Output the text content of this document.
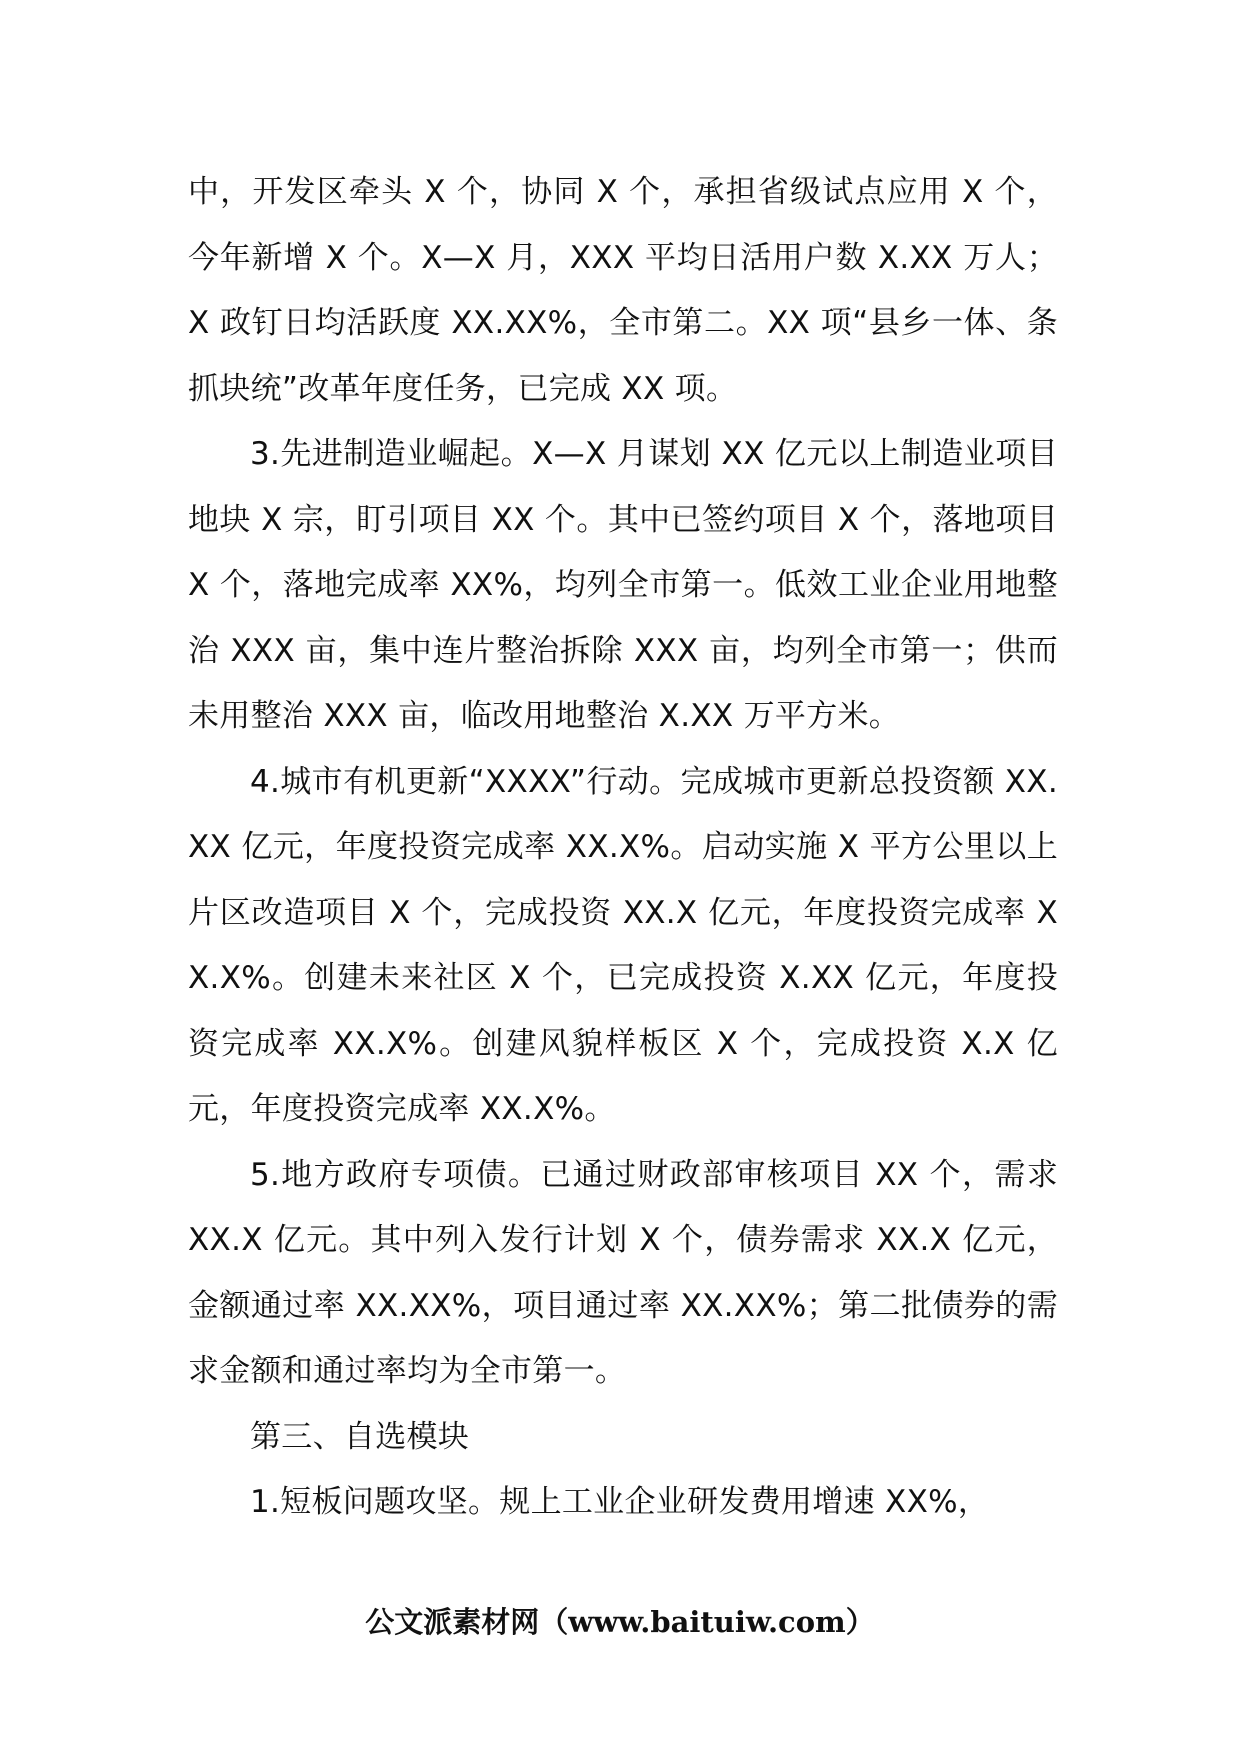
中，开发区牵头 X 个，协同 X 个，承担省级试点应用 X 个，今年新增 X 个。X—X 月，XXX 平均日活用户数 X.XX 万人；X 政钉日均活跃度 XX.XX%，全市第二。XX 项“县乡一体、条抓块统”改革年度任务，已完成 XX 项。

3.先进制造业崛起。X—X 月谋划 XX 亿元以上制造业项目地块 X 宗，盯引项目 XX 个。其中已签约项目 X 个，落地项目 X 个，落地完成率 XX%，均列全市第一。低效工业企业用地整治 XXX 亩，集中连片整治拆除 XXX 亩，均列全市第一；供而未用整治 XXX 亩，临改用地整治 X.XX 万平方米。

4.城市有机更新“XXXX”行动。完成城市更新总投资额 XX.XX 亿元，年度投资完成率 XX.X%。启动实施 X 平方公里以上片区改造项目 X 个，完成投资 XX.X 亿元，年度投资完成率 XX.X%。创建未来社区 X 个，已完成投资 X.XX 亿元，年度投资完成率 XX.X%。创建风貌样板区 X 个，完成投资 X.X 亿元，年度投资完成率 XX.X%。

5.地方政府专项债。已通过财政部审核项目 XX 个，需求 XX.X 亿元。其中列入发行计划 X 个，债券需求 XX.X 亿元，金额通过率 XX.XX%，项目通过率 XX.XX%；第二批债券的需求金额和通过率均为全市第一。

第三、自选模块

1.短板问题攻坚。规上工业企业研发费用增速 XX%，

公文派素材网（www.baituiw.com）
